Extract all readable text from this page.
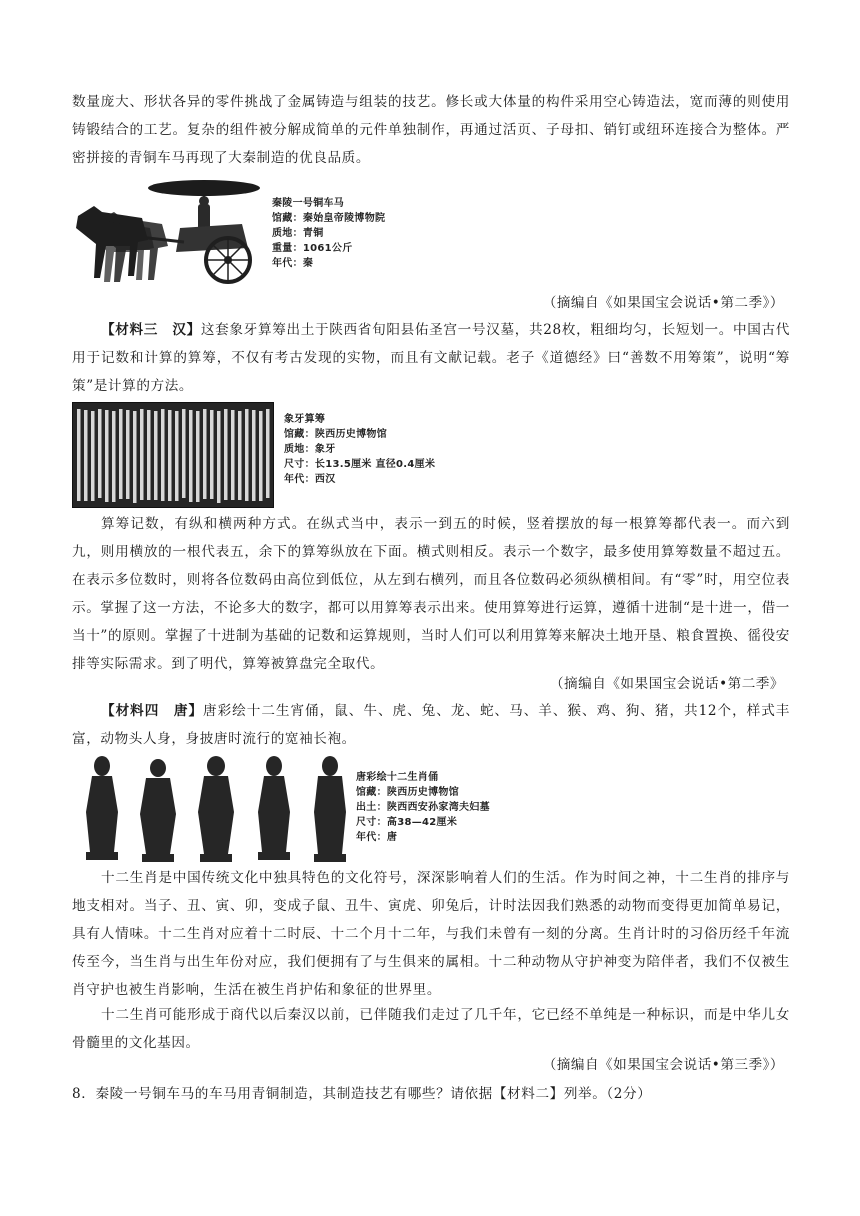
数量庞大、形状各异的零件挑战了金属铸造与组装的技艺。修长或大体量的构件采用空心铸造法，宽而薄的则使用铸锻结合的工艺。复杂的组件被分解成简单的元件单独制作，再通过活页、子母扣、销钉或纽环连接合为整体。严密拼接的青铜车马再现了大秦制造的优良品质。

秦陵一号铜车马
馆藏：秦始皇帝陵博物院
质地：青铜
重量：1061公斤
年代：秦

（摘编自《如果国宝会说话•第二季》）

【材料三　汉】这套象牙算筹出土于陕西省旬阳县佑圣宫一号汉墓，共28枚，粗细均匀，长短划一。中国古代用于记数和计算的算筹，不仅有考古发现的实物，而且有文献记载。老子《道德经》曰“善数不用筹策”，说明“筹策”是计算的方法。

象牙算筹
馆藏：陕西历史博物馆
质地：象牙
尺寸：长13.5厘米 直径0.4厘米
年代：西汉

算筹记数，有纵和横两种方式。在纵式当中，表示一到五的时候，竖着摆放的每一根算筹都代表一。而六到九，则用横放的一根代表五，余下的算筹纵放在下面。横式则相反。表示一个数字，最多使用算筹数量不超过五。在表示多位数时，则将各位数码由高位到低位，从左到右横列，而且各位数码必须纵横相间。有“零”时，用空位表示。掌握了这一方法，不论多大的数字，都可以用算筹表示出来。使用算筹进行运算，遵循十进制“是十进一，借一当十”的原则。掌握了十进制为基础的记数和运算规则，当时人们可以利用算筹来解决土地开垦、粮食置换、徭役安排等实际需求。到了明代，算筹被算盘完全取代。

（摘编自《如果国宝会说话•第二季》

【材料四　唐】唐彩绘十二生宵俑，鼠、牛、虎、兔、龙、蛇、马、羊、猴、鸡、狗、猪，共12个，样式丰富，动物头人身，身披唐时流行的宽袖长袍。

唐彩绘十二生肖俑
馆藏：陕西历史博物馆
出土：陕西西安孙家湾夫妇墓
尺寸：高38—42厘米
年代：唐

十二生肖是中国传统文化中独具特色的文化符号，深深影响着人们的生活。作为时间之神，十二生肖的排序与地支相对。当子、丑、寅、卯，变成子鼠、丑牛、寅虎、卯兔后，计时法因我们熟悉的动物而变得更加简单易记，具有人情味。十二生肖对应着十二时辰、十二个月十二年，与我们未曾有一刻的分离。生肖计时的习俗历经千年流传至今，当生肖与出生年份对应，我们便拥有了与生俱来的属相。十二种动物从守护神变为陪伴者，我们不仅被生肖守护也被生肖影响，生活在被生肖护佑和象征的世界里。

十二生肖可能形成于商代以后秦汉以前，已伴随我们走过了几千年，它已经不单纯是一种标识，而是中华儿女骨髓里的文化基因。

（摘编自《如果国宝会说话•第三季》）

8．秦陵一号铜车马的车马用青铜制造，其制造技艺有哪些？请依据【材料二】列举。（2分）
